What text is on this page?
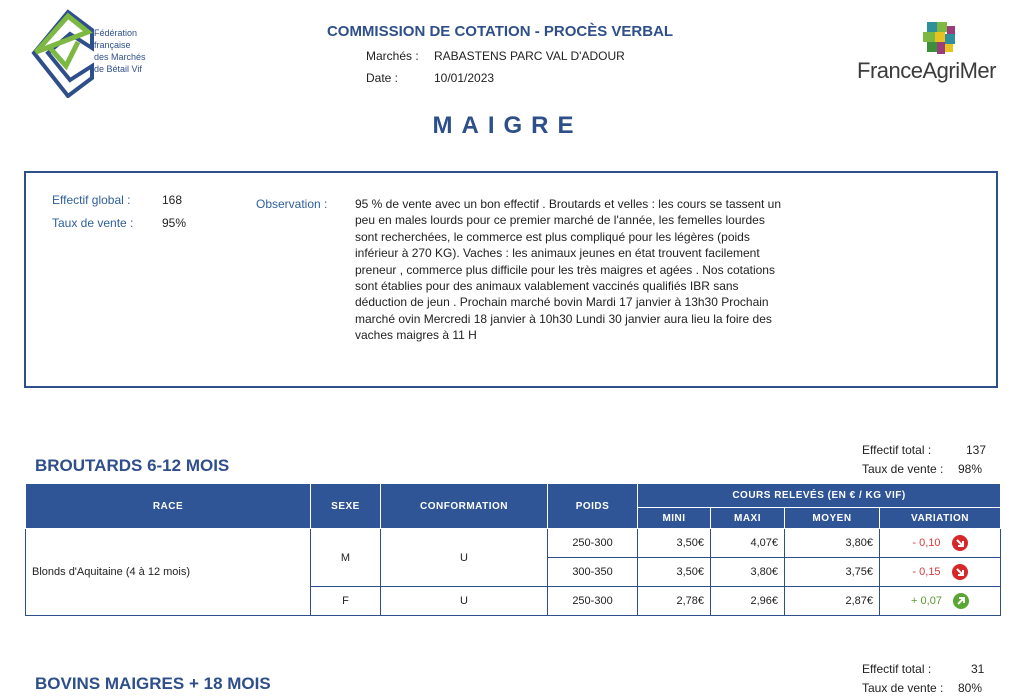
Fédération
française
des Marchés
de Bétail Vif	FranceAgriMer
COMMISSION DE COTATION - PROCÈS VERBAL
Marchés : RABASTENS PARC VAL D'ADOUR
Date :	10/01/2023
MAIGRE
Effectif global :	168
Taux de vente : 95%
Observation : 95 % de vente avec un bon effectif . Broutards et velles : les cours se tassent un peu en males lourds pour ce premier marché de l'année, les femelles lourdes sont recherchées, le commerce est plus compliqué pour les légères (poids inférieur à 270 KG). Vaches : les animaux jeunes en état trouvent facilement preneur , commerce plus difficile pour les très maigres et agées . Nos cotations sont établies pour des animaux valablement vaccinés qualifiés IBR sans déduction de jeun . Prochain marché bovin Mardi 17 janvier à 13h30 Prochain marché ovin Mercredi 18 janvier à 10h30 Lundi 30 janvier aura lieu la foire des vaches maigres à 11 H
BROUTARDS 6-12 MOIS
Effectif total :	137
Taux de vente : 98%
RACE	SEXE	CONFORMATION	POIDS	COURS RELEVÉS (EN € / KG VIF)			
				MINI	MAXI	MOYEN	VARIATION
Blonds d'Aquitaine (4 à 12 mois)	M	U	250-300	3,50€	4,07€	3,80€	- 0,10

			300-350	3,50€	3,80€	3,75€	- 0,15

	F	U	250-300	2,78€	2,96€	2,87€	+ 0,07
BOVINS MAIGRES + 18 MOIS
Effectif total :	31
Taux de vente : 80%
